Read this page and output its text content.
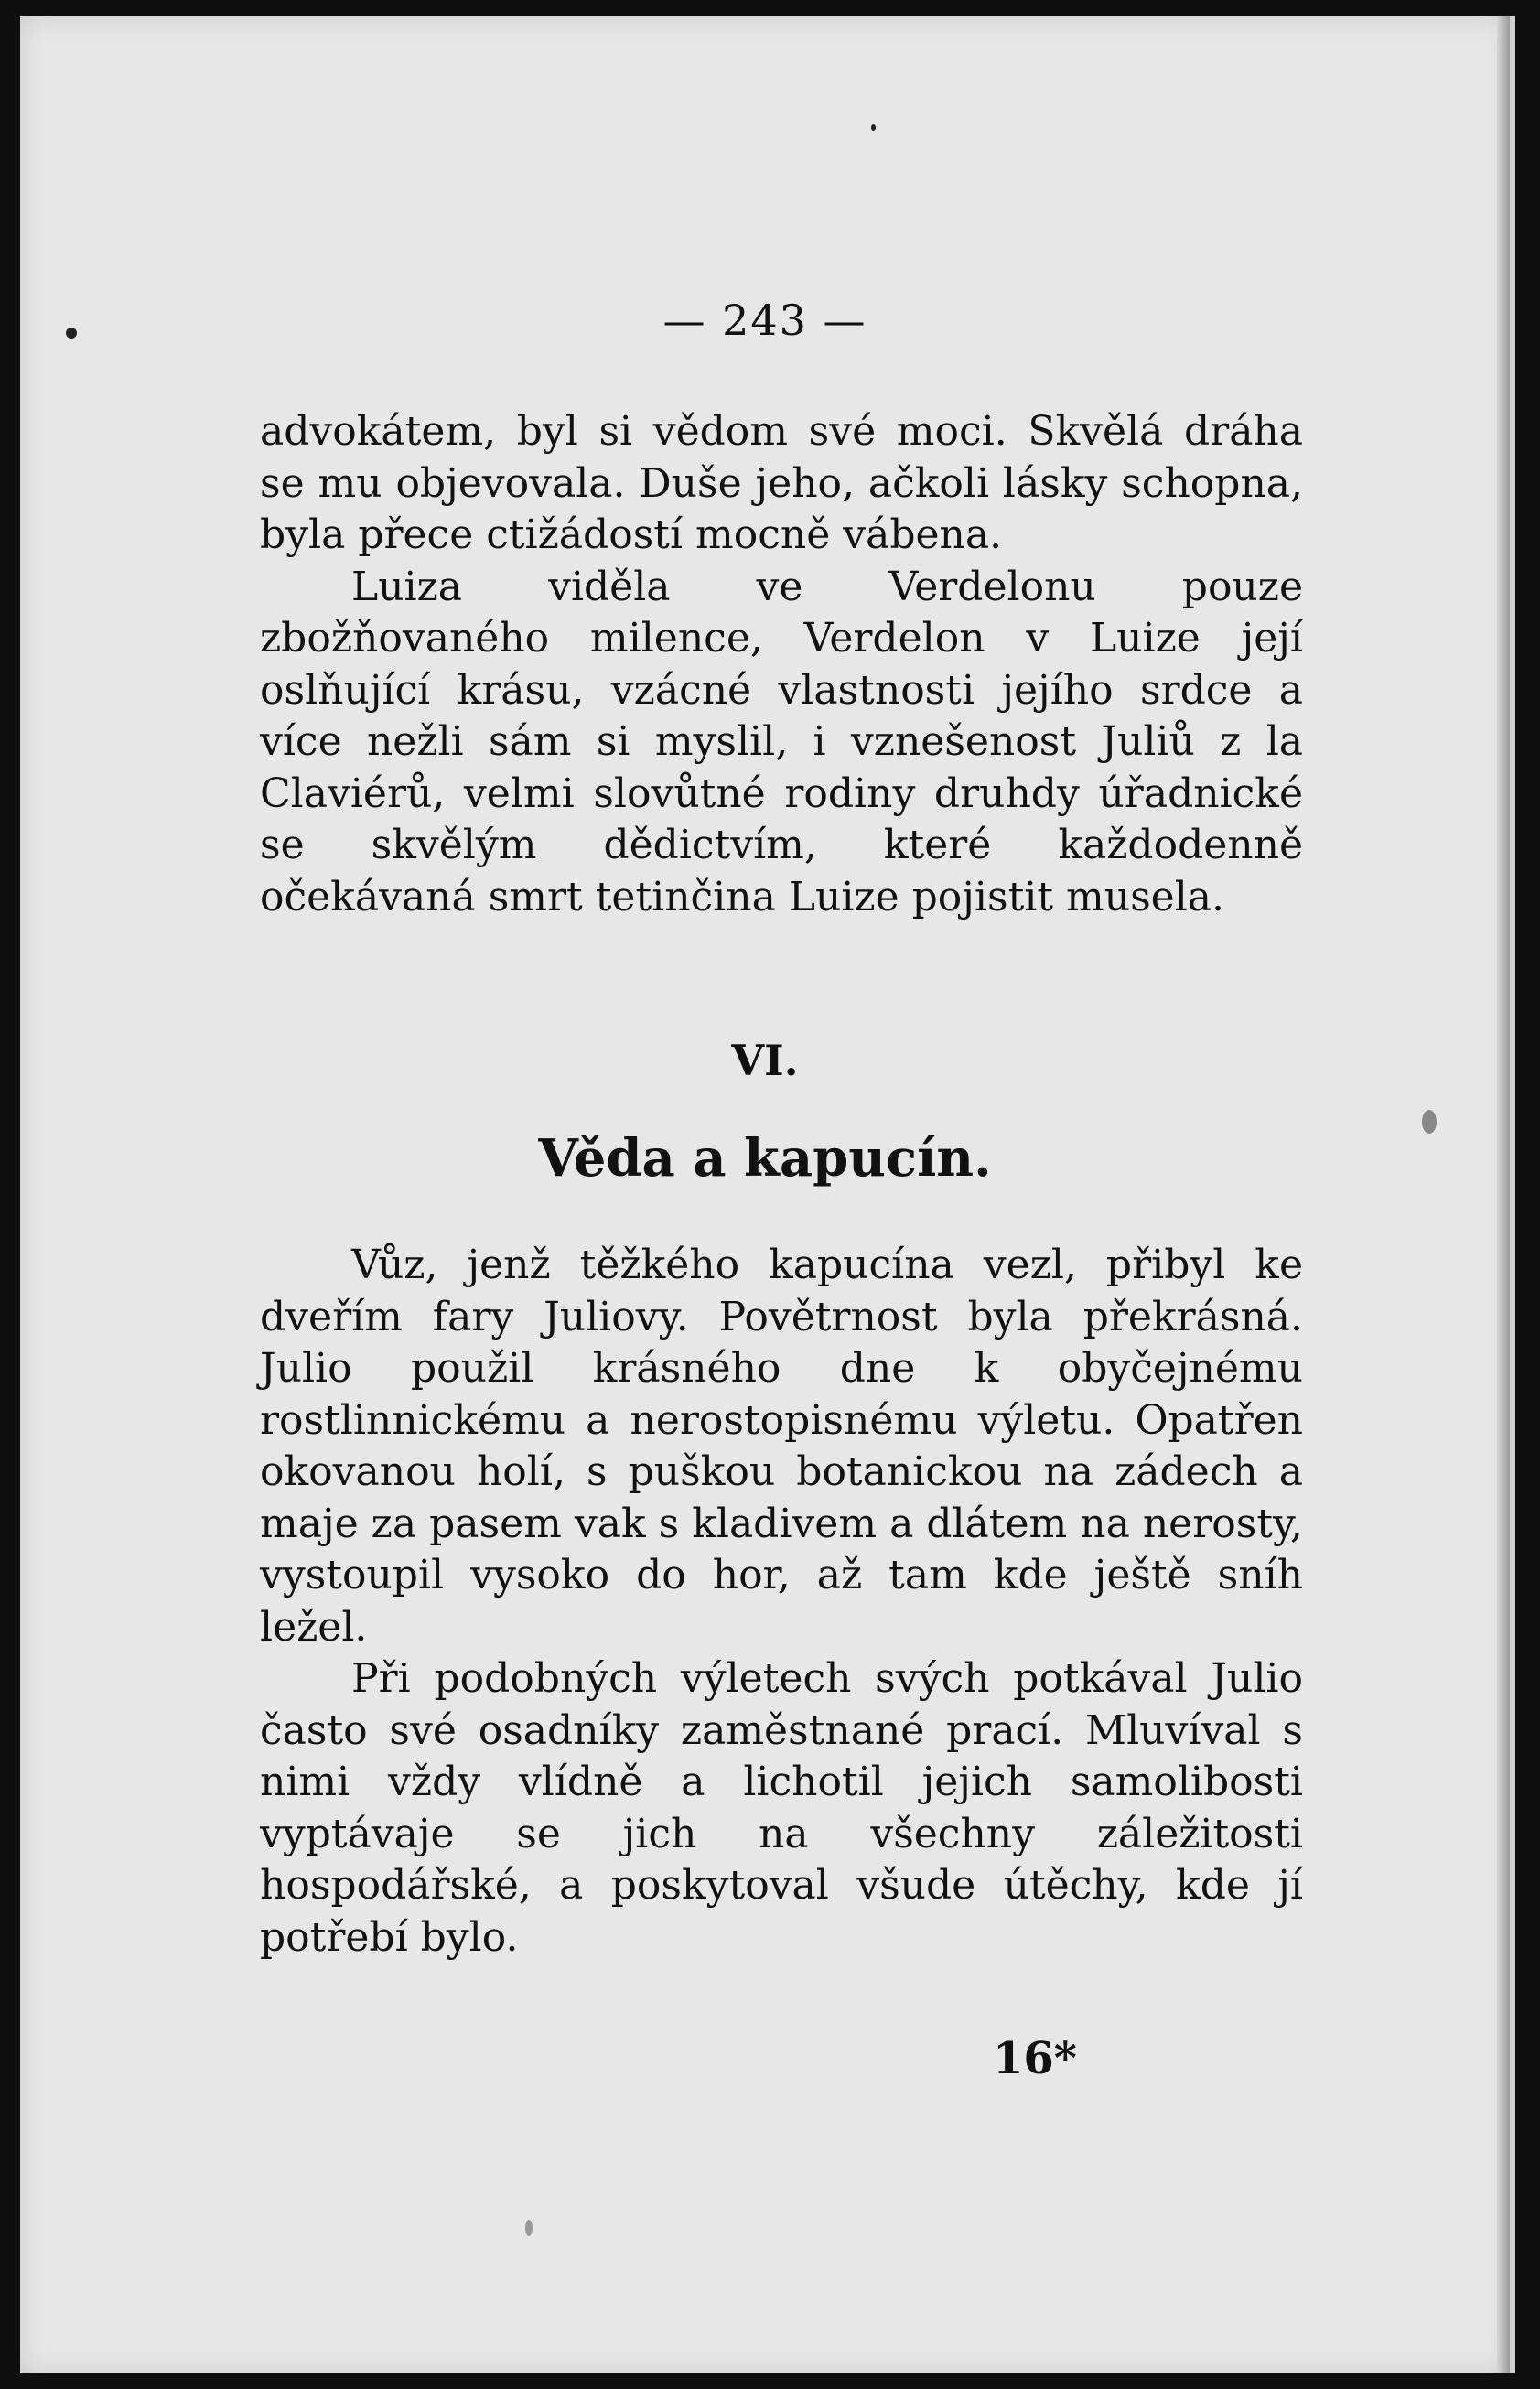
— 243 —

advokátem, byl si vědom své moci. Skvělá dráha se mu objevovala. Duše jeho, ačkoli lásky schopna, byla přece ctižádostí mocně vábena.

Luiza viděla ve Verdelonu pouze zbožňovaného milence, Verdelon v Luize její oslňující krásu, vzácné vlastnosti jejího srdce a více nežli sám si myslil, i vznešenost Juliů z la Claviérů, velmi slovůtné rodiny druhdy úřadnické se skvělým dědictvím, které každodenně očekávaná smrt tetinčina Luize pojistit musela.

VI.
Věda a kapucín.

Vůz, jenž těžkého kapucína vezl, přibyl ke dveřím fary Juliovy. Povětrnost byla překrásná. Julio použil krásného dne k obyčejnému rostlinnickému a nerostopisnému výletu. Opatřen okovanou holí, s puškou botanickou na zádech a maje za pasem vak s kladivem a dlátem na nerosty, vystoupil vysoko do hor, až tam kde ještě sníh ležel.

Při podobných výletech svých potkával Julio často své osadníky zaměstnané prací. Mluvíval s nimi vždy vlídně a lichotil jejich samolibosti vyptávaje se jich na všechny záležitosti hospodářské, a poskytoval všude útěchy, kde jí potřebí bylo.

16*
